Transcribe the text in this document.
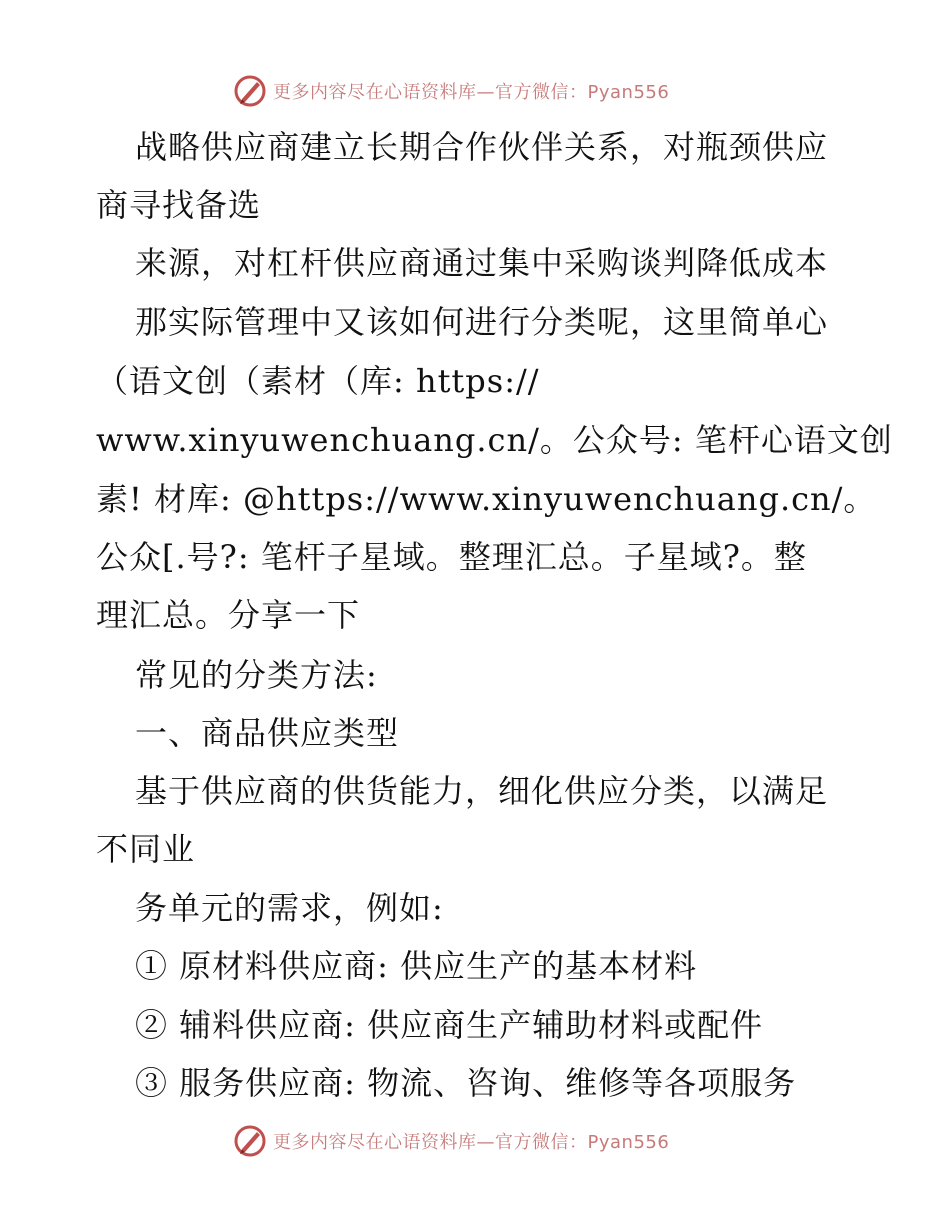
更多内容尽在心语资料库—官方微信：Pyan556
战略供应商建立长期合作伙伴关系，对瓶颈供应
商寻找备选
来源，对杠杆供应商通过集中采购谈判降低成本
那实际管理中又该如何进行分类呢，这里简单心
（语文创（素材（库: https://
www.xinyuwenchuang.cn/。公众号: 笔杆心语文创
素! 材库: @https://www.xinyuwenchuang.cn/。
公众[.号?: 笔杆子星域。整理汇总。子星域?。整
理汇总。分享一下
常见的分类方法:
一、商品供应类型
基于供应商的供货能力，细化供应分类，以满足
不同业
务单元的需求，例如:
① 原材料供应商: 供应生产的基本材料
② 辅料供应商: 供应商生产辅助材料或配件
③ 服务供应商: 物流、咨询、维修等各项服务
更多内容尽在心语资料库—官方微信：Pyan556
